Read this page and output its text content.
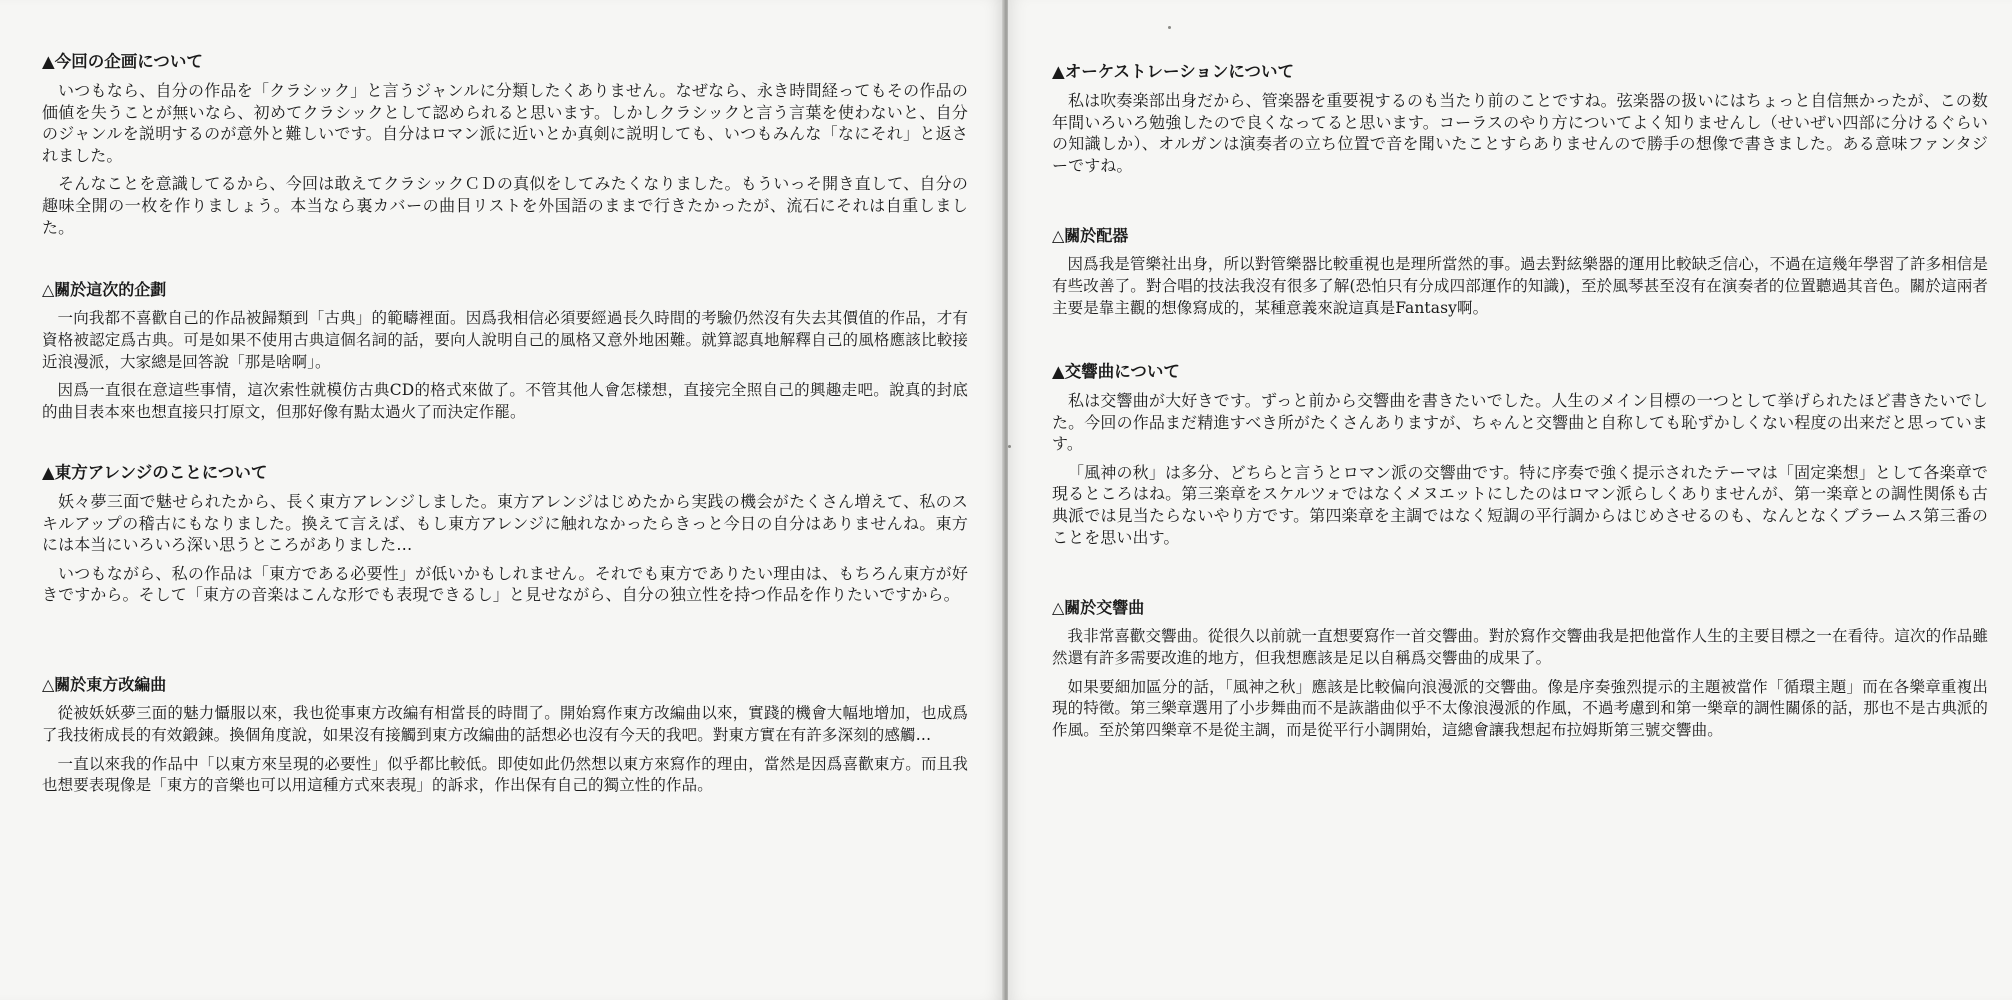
▲今回の企画について

いつもなら、自分の作品を「クラシック」と言うジャンルに分類したくありません。なぜなら、永き時間経ってもその作品の価値を失うことが無いなら、初めてクラシックとして認められると思います。しかしクラシックと言う言葉を使わないと、自分のジャンルを説明するのが意外と難しいです。自分はロマン派に近いとか真剣に説明しても、いつもみんな「なにそれ」と返されました。

そんなことを意識してるから、今回は敢えてクラシックＣＤの真似をしてみたくなりました。もういっそ開き直して、自分の趣味全開の一枚を作りましょう。本当なら裏カバーの曲目リストを外国語のままで行きたかったが、流石にそれは自重しました。

△關於這次的企劃

一向我都不喜歡自己的作品被歸類到「古典」的範疇裡面。因爲我相信必須要經過長久時間的考驗仍然沒有失去其價值的作品，才有資格被認定爲古典。可是如果不使用古典這個名詞的話，要向人說明自己的風格又意外地困難。就算認真地解釋自己的風格應該比較接近浪漫派，大家總是回答說「那是啥啊」。

因爲一直很在意這些事情，這次索性就模仿古典CD的格式來做了。不管其他人會怎樣想，直接完全照自己的興趣走吧。說真的封底的曲目表本來也想直接只打原文，但那好像有點太過火了而決定作罷。

▲東方アレンジのことについて

妖々夢三面で魅せられたから、長く東方アレンジしました。東方アレンジはじめたから実践の機会がたくさん増えて、私のスキルアップの稽古にもなりました。換えて言えば、もし東方アレンジに触れなかったらきっと今日の自分はありませんね。東方には本当にいろいろ深い思うところがありました…

いつもながら、私の作品は「東方である必要性」が低いかもしれません。それでも東方でありたい理由は、もちろん東方が好きですから。そして「東方の音楽はこんな形でも表現できるし」と見せながら、自分の独立性を持つ作品を作りたいですから。

△關於東方改編曲

從被妖妖夢三面的魅力懾服以來，我也從事東方改編有相當長的時間了。開始寫作東方改編曲以來，實踐的機會大幅地增加，也成爲了我技術成長的有效鍛鍊。換個角度說，如果沒有接觸到東方改編曲的話想必也沒有今天的我吧。對東方實在有許多深刻的感觸…

一直以來我的作品中「以東方來呈現的必要性」似乎都比較低。即使如此仍然想以東方來寫作的理由，當然是因爲喜歡東方。而且我也想要表現像是「東方的音樂也可以用這種方式來表現」的訴求，作出保有自己的獨立性的作品。

▲オーケストレーションについて

私は吹奏楽部出身だから、管楽器を重要視するのも当たり前のことですね。弦楽器の扱いにはちょっと自信無かったが、この数年間いろいろ勉強したので良くなってると思います。コーラスのやり方についてよく知りませんし（せいぜい四部に分けるぐらいの知識しか）、オルガンは演奏者の立ち位置で音を聞いたことすらありませんので勝手の想像で書きました。ある意味ファンタジーですね。

△關於配器

因爲我是管樂社出身，所以對管樂器比較重視也是理所當然的事。過去對絃樂器的運用比較缺乏信心，不過在這幾年學習了許多相信是有些改善了。對合唱的技法我沒有很多了解(恐怕只有分成四部運作的知識)，至於風琴甚至沒有在演奏者的位置聽過其音色。關於這兩者主要是靠主觀的想像寫成的，某種意義來說這真是Fantasy啊。

▲交響曲について

私は交響曲が大好きです。ずっと前から交響曲を書きたいでした。人生のメイン目標の一つとして挙げられたほど書きたいでした。今回の作品まだ精進すべき所がたくさんありますが、ちゃんと交響曲と自称しても恥ずかしくない程度の出来だと思っています。

「風神の秋」は多分、どちらと言うとロマン派の交響曲です。特に序奏で強く提示されたテーマは「固定楽想」として各楽章で現るところはね。第三楽章をスケルツォではなくメヌエットにしたのはロマン派らしくありませんが、第一楽章との調性関係も古典派では見当たらないやり方です。第四楽章を主調ではなく短調の平行調からはじめさせるのも、なんとなくブラームス第三番のことを思い出す。

△關於交響曲

我非常喜歡交響曲。從很久以前就一直想要寫作一首交響曲。對於寫作交響曲我是把他當作人生的主要目標之一在看待。這次的作品雖然還有許多需要改進的地方，但我想應該是足以自稱爲交響曲的成果了。

如果要細加區分的話，「風神之秋」應該是比較偏向浪漫派的交響曲。像是序奏強烈提示的主題被當作「循環主題」而在各樂章重複出現的特徵。第三樂章選用了小步舞曲而不是詼諧曲似乎不太像浪漫派的作風，不過考慮到和第一樂章的調性關係的話，那也不是古典派的作風。至於第四樂章不是從主調，而是從平行小調開始，這總會讓我想起布拉姆斯第三號交響曲。
